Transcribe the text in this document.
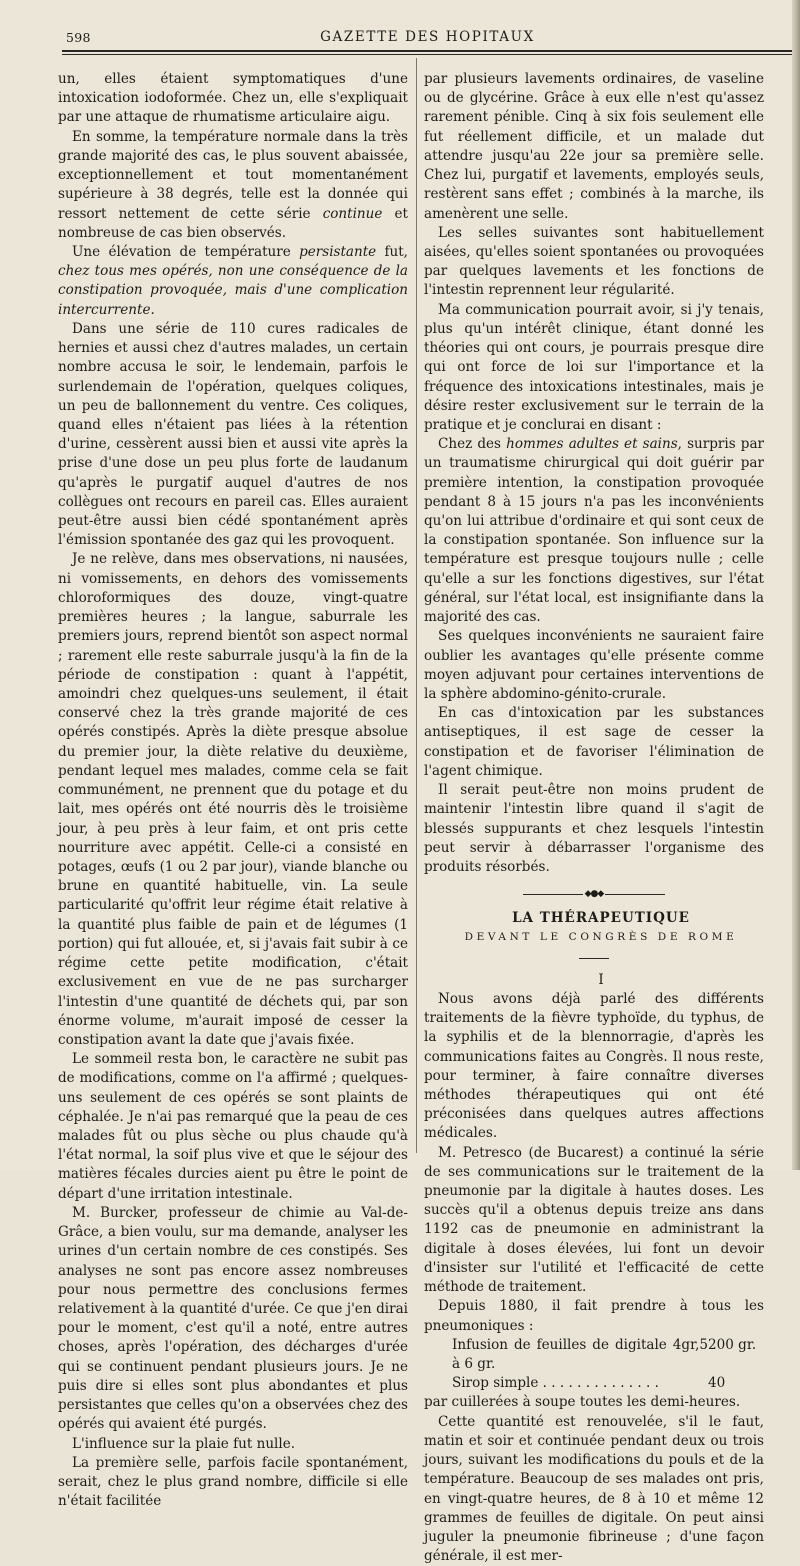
598	GAZETTE DES HOPITAUX

un, elles étaient symptomatiques d'une intoxication iodoformée. Chez un, elle s'expliquait par une attaque de rhumatisme articulaire aigu.

En somme, la température normale dans la très grande majorité des cas, le plus souvent abaissée, exceptionnellement et tout momentanément supérieure à 38 degrés, telle est la donnée qui ressort nettement de cette série continue et nombreuse de cas bien observés.

Une élévation de température persistante fut, chez tous mes opérés, non une conséquence de la constipation provoquée, mais d'une complication intercurrente.

Dans une série de 110 cures radicales de hernies et aussi chez d'autres malades, un certain nombre accusa le soir, le lendemain, parfois le surlendemain de l'opération, quelques coliques, un peu de ballonnement du ventre. Ces coliques, quand elles n'étaient pas liées à la rétention d'urine, cessèrent aussi bien et aussi vite après la prise d'une dose un peu plus forte de laudanum qu'après le purgatif auquel d'autres de nos collègues ont recours en pareil cas. Elles auraient peut-être aussi bien cédé spontanément après l'émission spontanée des gaz qui les provoquent.

Je ne relève, dans mes observations, ni nausées, ni vomissements, en dehors des vomissements chloroformiques des douze, vingt-quatre premières heures ; la langue, saburrale les premiers jours, reprend bientôt son aspect normal ; rarement elle reste saburrale jusqu'à la fin de la période de constipation : quant à l'appétit, amoindri chez quelques-uns seulement, il était conservé chez la très grande majorité de ces opérés constipés. Après la diète presque absolue du premier jour, la diète relative du deuxième, pendant lequel mes malades, comme cela se fait communément, ne prennent que du potage et du lait, mes opérés ont été nourris dès le troisième jour, à peu près à leur faim, et ont pris cette nourriture avec appétit. Celle-ci a consisté en potages, œufs (1 ou 2 par jour), viande blanche ou brune en quantité habituelle, vin. La seule particularité qu'offrit leur régime était relative à la quantité plus faible de pain et de légumes (1 portion) qui fut allouée, et, si j'avais fait subir à ce régime cette petite modification, c'était exclusivement en vue de ne pas surcharger l'intestin d'une quantité de déchets qui, par son énorme volume, m'aurait imposé de cesser la constipation avant la date que j'avais fixée.

Le sommeil resta bon, le caractère ne subit pas de modifications, comme on l'a affirmé ; quelques-uns seulement de ces opérés se sont plaints de céphalée. Je n'ai pas remarqué que la peau de ces malades fût ou plus sèche ou plus chaude qu'à l'état normal, la soif plus vive et que le séjour des matières fécales durcies aient pu être le point de départ d'une irritation intestinale.

M. Burcker, professeur de chimie au Val-de-Grâce, a bien voulu, sur ma demande, analyser les urines d'un certain nombre de ces constipés. Ses analyses ne sont pas encore assez nombreuses pour nous permettre des conclusions fermes relativement à la quantité d'urée. Ce que j'en dirai pour le moment, c'est qu'il a noté, entre autres choses, après l'opération, des décharges d'urée qui se continuent pendant plusieurs jours. Je ne puis dire si elles sont plus abondantes et plus persistantes que celles qu'on a observées chez des opérés qui avaient été purgés.

L'influence sur la plaie fut nulle.

La première selle, parfois facile spontanément, serait, chez le plus grand nombre, difficile si elle n'était facilitée

par plusieurs lavements ordinaires, de vaseline ou de glycérine. Grâce à eux elle n'est qu'assez rarement pénible. Cinq à six fois seulement elle fut réellement difficile, et un malade dut attendre jusqu'au 22e jour sa première selle. Chez lui, purgatif et lavements, employés seuls, restèrent sans effet ; combinés à la marche, ils amenèrent une selle.

Les selles suivantes sont habituellement aisées, qu'elles soient spontanées ou provoquées par quelques lavements et les fonctions de l'intestin reprennent leur régularité.

Ma communication pourrait avoir, si j'y tenais, plus qu'un intérêt clinique, étant donné les théories qui ont cours, je pourrais presque dire qui ont force de loi sur l'importance et la fréquence des intoxications intestinales, mais je désire rester exclusivement sur le terrain de la pratique et je conclurai en disant :

Chez des hommes adultes et sains, surpris par un traumatisme chirurgical qui doit guérir par première intention, la constipation provoquée pendant 8 à 15 jours n'a pas les inconvénients qu'on lui attribue d'ordinaire et qui sont ceux de la constipation spontanée. Son influence sur la température est presque toujours nulle ; celle qu'elle a sur les fonctions digestives, sur l'état général, sur l'état local, est insignifiante dans la majorité des cas.

Ses quelques inconvénients ne sauraient faire oublier les avantages qu'elle présente comme moyen adjuvant pour certaines interventions de la sphère abdomino-génito-crurale.

En cas d'intoxication par les substances antiseptiques, il est sage de cesser la constipation et de favoriser l'élimination de l'agent chimique.

Il serait peut-être non moins prudent de maintenir l'intestin libre quand il s'agit de blessés suppurants et chez lesquels l'intestin peut servir à débarrasser l'organisme des produits résorbés.

◆●◆

LA THÉRAPEUTIQUE

DEVANT LE CONGRÈS DE ROME

I

Nous avons déjà parlé des différents traitements de la fièvre typhoïde, du typhus, de la syphilis et de la blennorragie, d'après les communications faites au Congrès. Il nous reste, pour terminer, à faire connaître diverses méthodes thérapeutiques qui ont été préconisées dans quelques autres affections médicales.

M. Petresco (de Bucarest) a continué la série de ses communications sur le traitement de la pneumonie par la digitale à hautes doses. Les succès qu'il a obtenus depuis treize ans dans 1192 cas de pneumonie en administrant la digitale à doses élevées, lui font un devoir d'insister sur l'utilité et l'efficacité de cette méthode de traitement.

Depuis 1880, il fait prendre à tous les pneumoniques :

Infusion de feuilles de digitale 4gr,5 à 6 gr.
200 gr.
Sirop simple . . . . . . . . . . . . . .	40

par cuillerées à soupe toutes les demi-heures.

Cette quantité est renouvelée, s'il le faut, matin et soir et continuée pendant deux ou trois jours, suivant les modifications du pouls et de la température. Beaucoup de ses malades ont pris, en vingt-quatre heures, de 8 à 10 et même 12 grammes de feuilles de digitale. On peut ainsi juguler la pneumonie fibrineuse ; d'une façon générale, il est mer-
